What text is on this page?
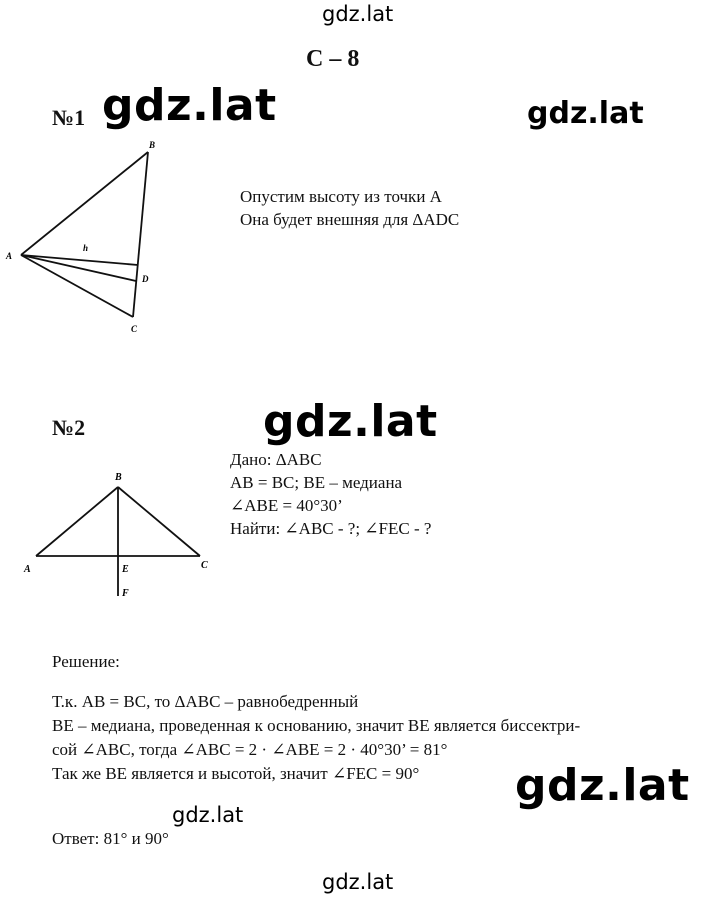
gdz.lat
gdz.lat	gdz.lat
gdz.lat
gdz.lat
gdz.lat
gdz.lat
С – 8
№1
B
A
h
D
C
Опустим высоту из точки A
Она будет внешняя для ΔADC
№2
B
A	C
E
F
Дано: ΔABC
AB = BC; BE – медиана
∠ABE = 40°30’
Найти: ∠ABC - ?; ∠FEC - ?
Решение:
Т.к. AB = BC, то ΔABC – равнобедренный
BE – медиана, проведенная к основанию, значит BE является биссектри-
сой ∠ABC, тогда ∠ABC = 2 · ∠ABE = 2 · 40°30’ = 81°
Так же BE является и высотой, значит ∠FEC = 90°
Ответ: 81° и 90°
